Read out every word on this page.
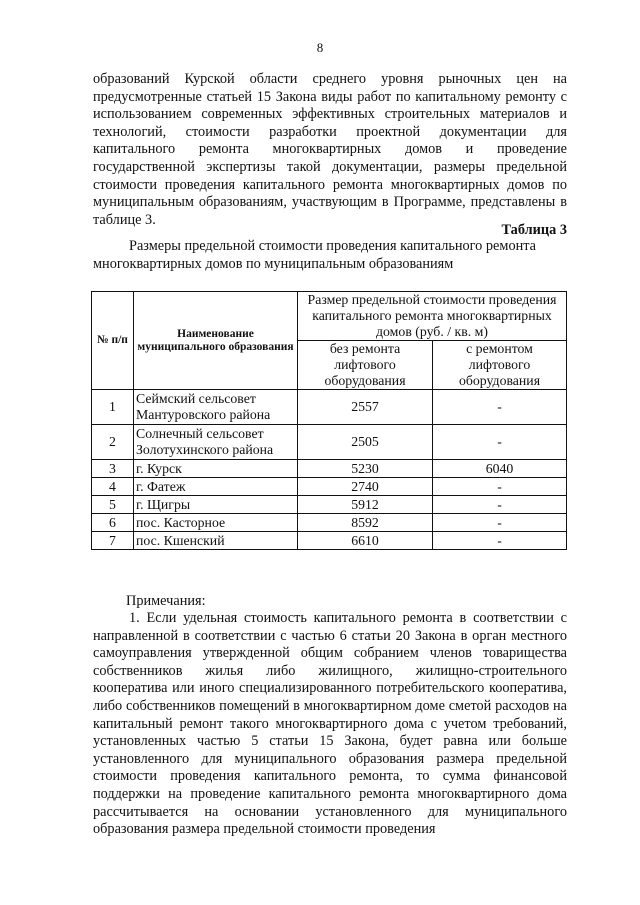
8

образований Курской области среднего уровня рыночных цен на предусмотренные статьей 15 Закона виды работ по капитальному ремонту с использованием современных эффективных строительных материалов и технологий, стоимости разработки проектной документации для капитального ремонта многоквартирных домов и проведение государственной экспертизы такой документации, размеры предельной стоимости проведения капитального ремонта многоквартирных домов по муниципальным образованиям, участвующим в Программе, представлены в таблице 3.

Таблица 3
Размеры предельной стоимости проведения капитального ремонта
многоквартирных домов по муниципальным образованиям
№ п/п	Наименование муниципального образования	Размер предельной стоимости проведения капитального ремонта многоквартирных домов (руб. / кв. м)	
		без ремонта лифтового оборудования	с ремонтом лифтового оборудования
1	Сеймский сельсовет Мантуровского района	2557	-
2	Солнечный сельсовет Золотухинского района	2505	-
3	г. Курск	5230	6040
4	г. Фатеж	2740	-
5	г. Щигры	5912	-
6	пос. Касторное	8592	-
7	пос. Кшенский	6610	-
Примечания:

1. Если удельная стоимость капитального ремонта в соответствии с направленной в соответствии с частью 6 статьи 20 Закона в орган местного самоуправления утвержденной общим собранием членов товарищества собственников жилья либо жилищного, жилищно-строительного кооператива или иного специализированного потребительского кооператива, либо собственников помещений в многоквартирном доме сметой расходов на капитальный ремонт такого многоквартирного дома с учетом требований, установленных частью 5 статьи 15 Закона, будет равна или больше установленного для муниципального образования размера предельной стоимости проведения капитального ремонта, то сумма финансовой поддержки на проведение капитального ремонта многоквартирного дома рассчитывается на основании установленного для муниципального образования размера предельной стоимости проведения
